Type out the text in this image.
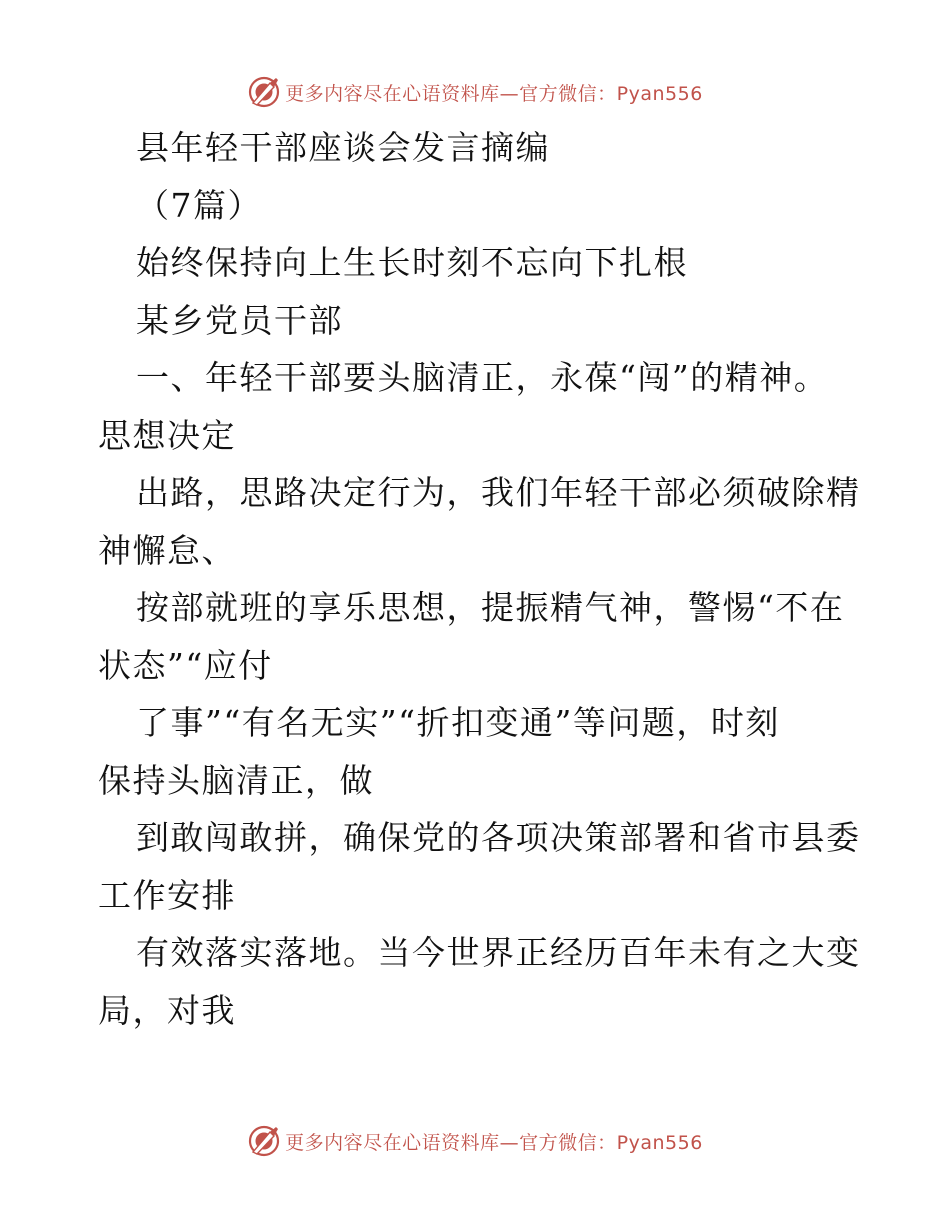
更多内容尽在心语资料库—官方微信：Pyan556

县年轻干部座谈会发言摘编

（7篇）

始终保持向上生长时刻不忘向下扎根

某乡党员干部

一、年轻干部要头脑清正，永葆“闯”的精神。

思想决定

出路，思路决定行为，我们年轻干部必须破除精

神懈怠、

按部就班的享乐思想，提振精气神，警惕“不在

状态”“应付

了事”“有名无实”“折扣变通”等问题，时刻

保持头脑清正，做

到敢闯敢拼，确保党的各项决策部署和省市县委

工作安排

有效落实落地。当今世界正经历百年未有之大变

局，对我

更多内容尽在心语资料库—官方微信：Pyan556
